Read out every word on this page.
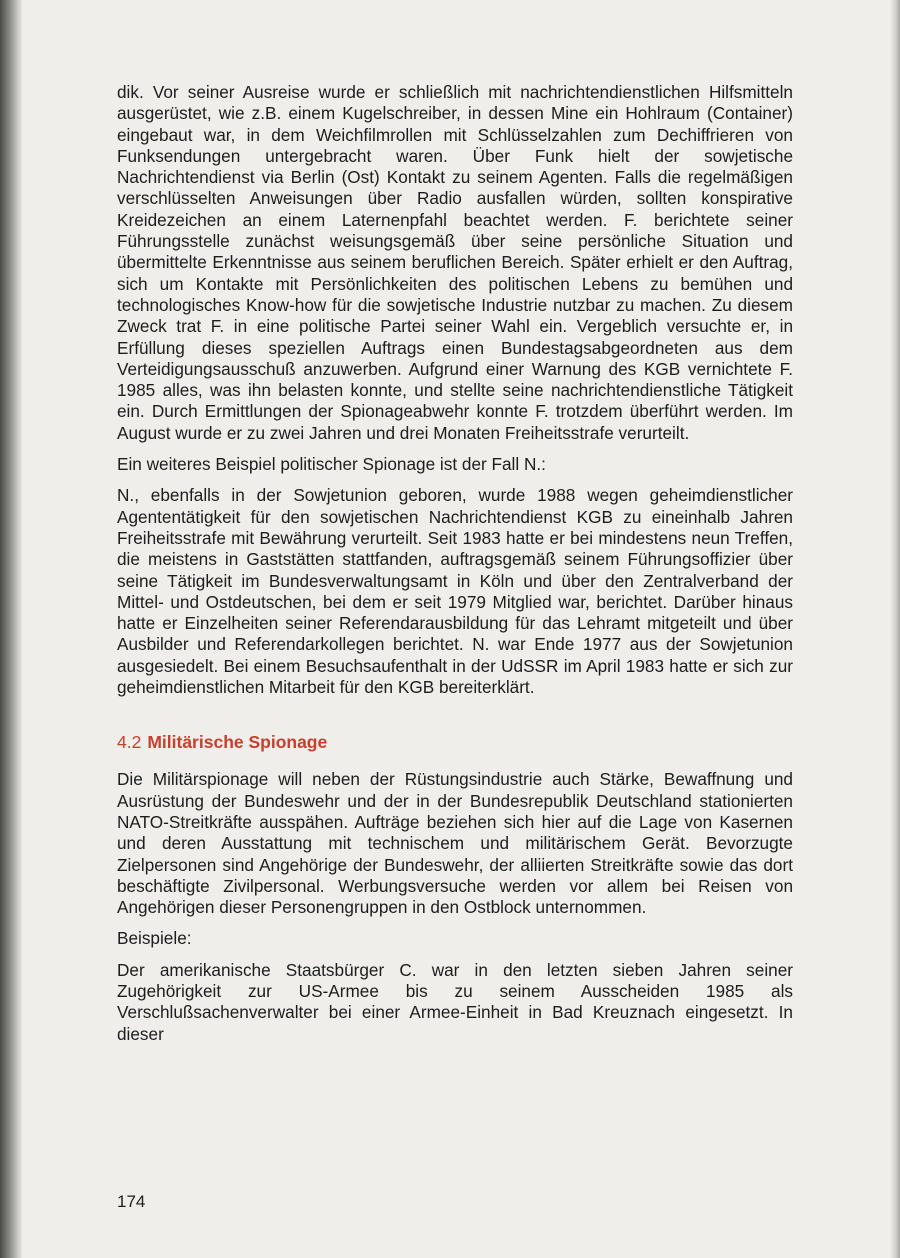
dik. Vor seiner Ausreise wurde er schließlich mit nachrichtendienstlichen Hilfsmitteln ausgerüstet, wie z.B. einem Kugelschreiber, in dessen Mine ein Hohlraum (Container) eingebaut war, in dem Weichfilmrollen mit Schlüsselzahlen zum Dechiffrieren von Funksendungen untergebracht waren. Über Funk hielt der sowjetische Nachrichtendienst via Berlin (Ost) Kontakt zu seinem Agenten. Falls die regelmäßigen verschlüsselten Anweisungen über Radio ausfallen würden, sollten konspirative Kreidezeichen an einem Laternenpfahl beachtet werden. F. berichtete seiner Führungsstelle zunächst weisungsgemäß über seine persönliche Situation und übermittelte Erkenntnisse aus seinem beruflichen Bereich. Später erhielt er den Auftrag, sich um Kontakte mit Persönlichkeiten des politischen Lebens zu bemühen und technologisches Know-how für die sowjetische Industrie nutzbar zu machen. Zu diesem Zweck trat F. in eine politische Partei seiner Wahl ein. Vergeblich versuchte er, in Erfüllung dieses speziellen Auftrags einen Bundestagsabgeordneten aus dem Verteidigungsausschuß anzuwerben. Aufgrund einer Warnung des KGB vernichtete F. 1985 alles, was ihn belasten konnte, und stellte seine nachrichtendienstliche Tätigkeit ein. Durch Ermittlungen der Spionageabwehr konnte F. trotzdem überführt werden. Im August wurde er zu zwei Jahren und drei Monaten Freiheitsstrafe verurteilt.

Ein weiteres Beispiel politischer Spionage ist der Fall N.:

N., ebenfalls in der Sowjetunion geboren, wurde 1988 wegen geheimdienstlicher Agententätigkeit für den sowjetischen Nachrichtendienst KGB zu eineinhalb Jahren Freiheitsstrafe mit Bewährung verurteilt. Seit 1983 hatte er bei mindestens neun Treffen, die meistens in Gaststätten stattfanden, auftragsgemäß seinem Führungsoffizier über seine Tätigkeit im Bundesverwaltungsamt in Köln und über den Zentralverband der Mittel- und Ostdeutschen, bei dem er seit 1979 Mitglied war, berichtet. Darüber hinaus hatte er Einzelheiten seiner Referendarausbildung für das Lehramt mitgeteilt und über Ausbilder und Referendarkollegen berichtet. N. war Ende 1977 aus der Sowjetunion ausgesiedelt. Bei einem Besuchsaufenthalt in der UdSSR im April 1983 hatte er sich zur geheimdienstlichen Mitarbeit für den KGB bereiterklärt.

4.2 Militärische Spionage

Die Militärspionage will neben der Rüstungsindustrie auch Stärke, Bewaffnung und Ausrüstung der Bundeswehr und der in der Bundesrepublik Deutschland stationierten NATO-Streitkräfte ausspähen. Aufträge beziehen sich hier auf die Lage von Kasernen und deren Ausstattung mit technischem und militärischem Gerät. Bevorzugte Zielpersonen sind Angehörige der Bundeswehr, der alliierten Streitkräfte sowie das dort beschäftigte Zivilpersonal. Werbungsversuche werden vor allem bei Reisen von Angehörigen dieser Personengruppen in den Ostblock unternommen.

Beispiele:

Der amerikanische Staatsbürger C. war in den letzten sieben Jahren seiner Zugehörigkeit zur US-Armee bis zu seinem Ausscheiden 1985 als Verschlußsachenverwalter bei einer Armee-Einheit in Bad Kreuznach eingesetzt. In dieser

174
